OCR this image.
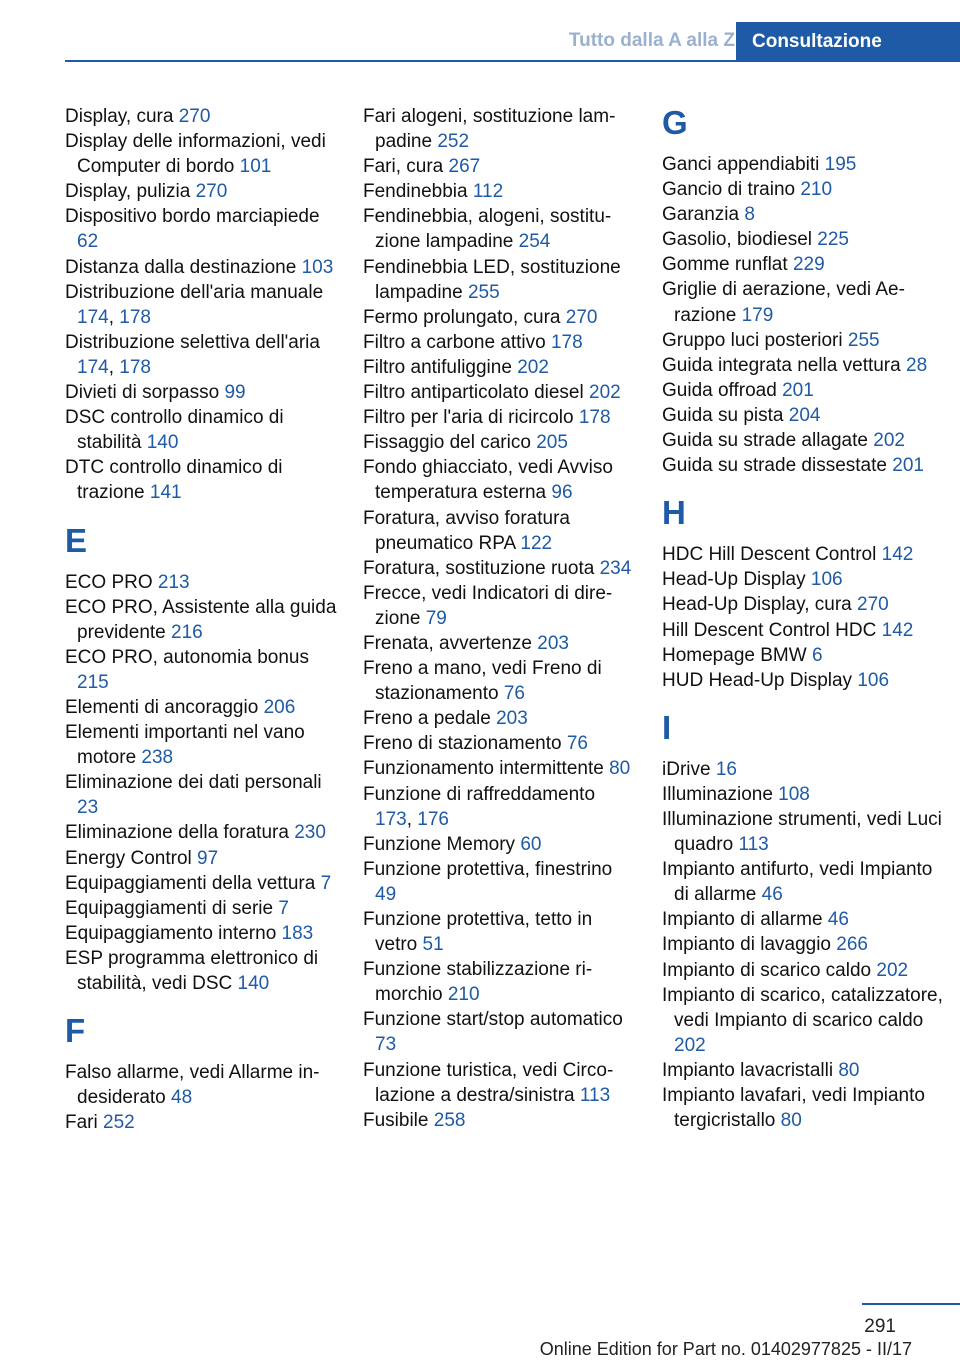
Tutto dalla A alla Z Consultazione
Display, cura 270
Display delle informazioni, vedi Computer di bordo 101
Display, pulizia 270
Dispositivo bordo marciapiede 62
Distanza dalla destinazione 103
Distribuzione dell'aria manuale 174, 178
Distribuzione selettiva dell'aria 174, 178
Divieti di sorpasso 99
DSC controllo dinamico di stabilità 140
DTC controllo dinamico di trazione 141
E
ECO PRO 213
ECO PRO, Assistente alla guida previdente 216
ECO PRO, autonomia bonus 215
Elementi di ancoraggio 206
Elementi importanti nel vano motore 238
Eliminazione dei dati personali 23
Eliminazione della foratura 230
Energy Control 97
Equipaggiamenti della vettura 7
Equipaggiamenti di serie 7
Equipaggiamento interno 183
ESP programma elettronico di stabilità, vedi DSC 140
F
Falso allarme, vedi Allarme indesiderato 48
Fari 252
Fari alogeni, sostituzione lampadine 252
Fari, cura 267
Fendinebbia 112
Fendinebbia, alogeni, sostituzione lampadine 254
Fendinebbia LED, sostituzione lampadine 255
Fermo prolungato, cura 270
Filtro a carbone attivo 178
Filtro antifuliggine 202
Filtro antiparticolato diesel 202
Filtro per l'aria di ricircolo 178
Fissaggio del carico 205
Fondo ghiacciato, vedi Avviso temperatura esterna 96
Foratura, avviso foratura pneumatico RPA 122
Foratura, sostituzione ruota 234
Frecce, vedi Indicatori di direzione 79
Frenata, avvertenze 203
Freno a mano, vedi Freno di stazionamento 76
Freno a pedale 203
Freno di stazionamento 76
Funzionamento intermittente 80
Funzione di raffreddamento 173, 176
Funzione Memory 60
Funzione protettiva, finestrino 49
Funzione protettiva, tetto in vetro 51
Funzione stabilizzazione rimorchio 210
Funzione start/stop automatico 73
Funzione turistica, vedi Circolazione a destra/sinistra 113
Fusibile 258
G
Ganci appendiabiti 195
Gancio di traino 210
Garanzia 8
Gasolio, biodiesel 225
Gomme runflat 229
Griglie di aerazione, vedi Aerazione 179
Gruppo luci posteriori 255
Guida integrata nella vettura 28
Guida offroad 201
Guida su pista 204
Guida su strade allagate 202
Guida su strade dissestate 201
H
HDC Hill Descent Control 142
Head-Up Display 106
Head-Up Display, cura 270
Hill Descent Control HDC 142
Homepage BMW 6
HUD Head-Up Display 106
I
iDrive 16
Illuminazione 108
Illuminazione strumenti, vedi Luci quadro 113
Impianto antifurto, vedi Impianto di allarme 46
Impianto di allarme 46
Impianto di lavaggio 266
Impianto di scarico caldo 202
Impianto di scarico, catalizzatore, vedi Impianto di scarico caldo 202
Impianto lavacristalli 80
Impianto lavafari, vedi Impianto tergicristallo 80
291
Online Edition for Part no. 01402977825 - II/17
